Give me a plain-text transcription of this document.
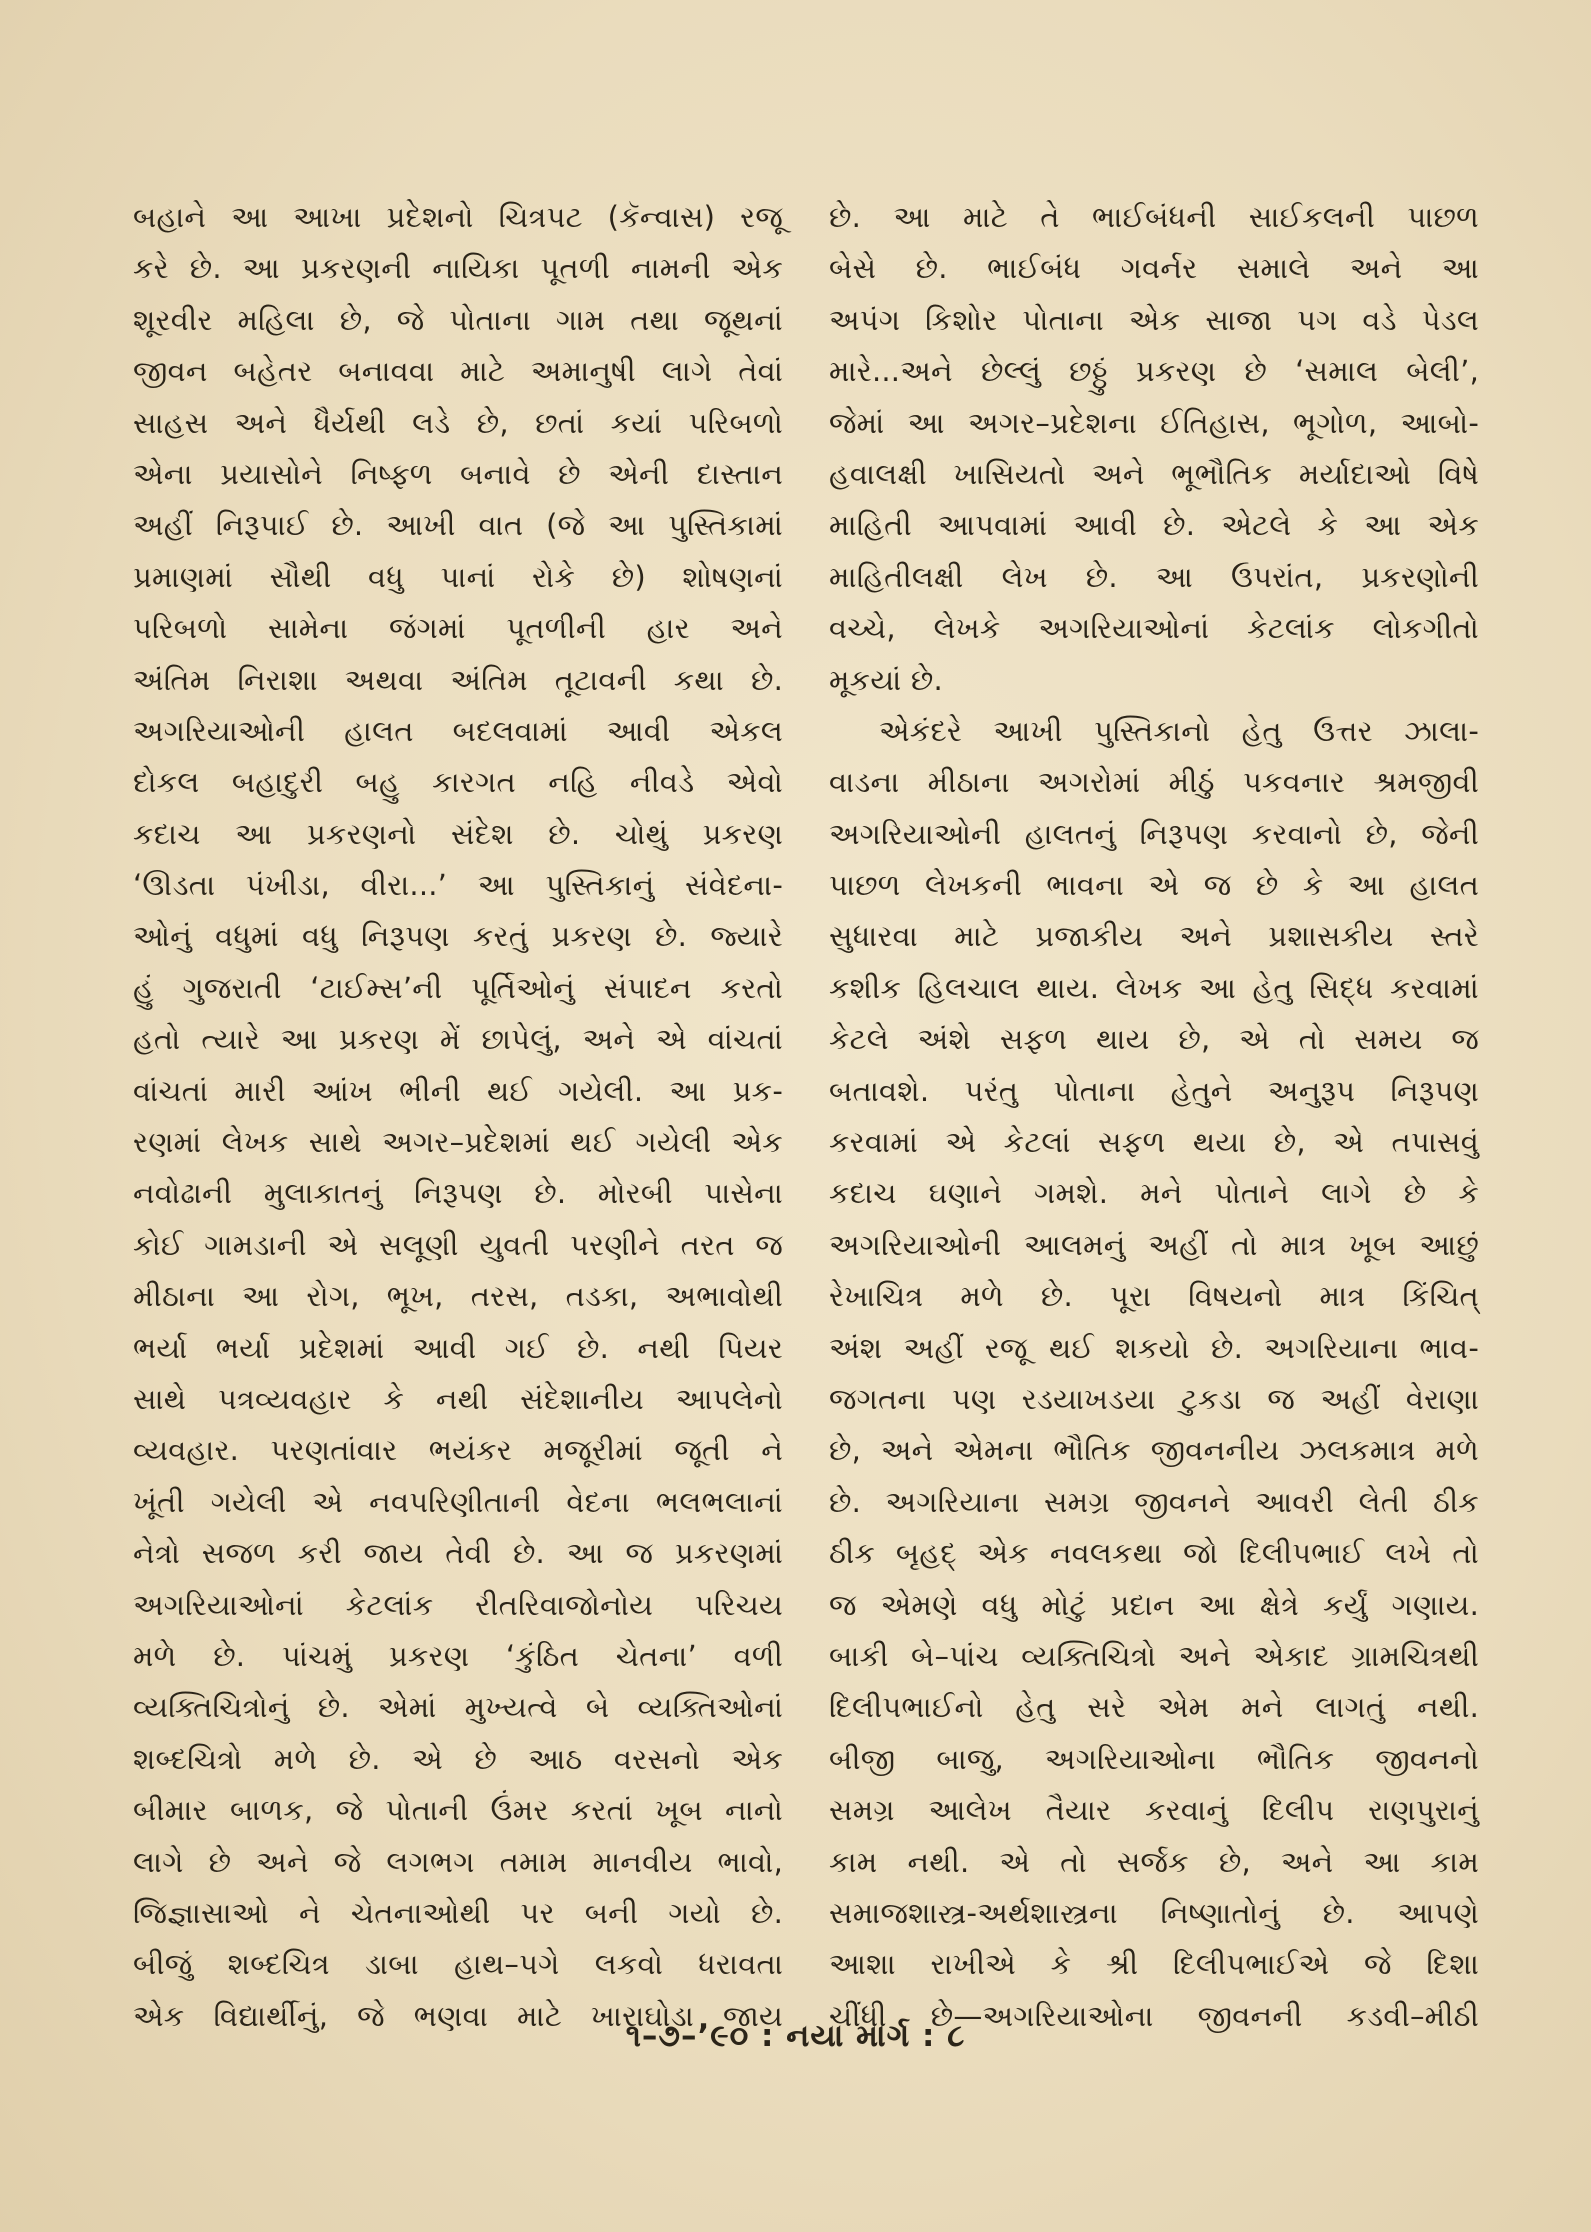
બહાને આ આખા પ્રદેશનો ચિત્રપટ (કૅન્વાસ) રજૂ
કરે છે. આ પ્રકરણની નાયિકા પૂતળી નામની એક
શૂરવીર મહિલા છે, જે પોતાના ગામ તથા જૂથનાં
જીવન બહેતર બનાવવા માટે અમાનુષી લાગે તેવાં
સાહસ અને ધૈર્યથી લડે છે, છતાં કયાં પરિબળો
એના પ્રયાસોને નિષ્ફળ બનાવે છે એની દાસ્તાન
અહીં નિરૂપાઈ છે. આખી વાત (જે આ પુસ્તિકામાં
પ્રમાણમાં સૌથી વધુ પાનાં રોકે છે) શોષણનાં
પરિબળો સામેના જંગમાં પૂતળીની હાર અને
અંતિમ નિરાશા અથવા અંતિમ તૂટાવની કથા છે.
અગરિયાઓની હાલત બદલવામાં આવી એકલ
દોકલ બહાદુરી બહુ કારગત નહિ નીવડે એવો
કદાચ આ પ્રકરણનો સંદેશ છે. ચોથું પ્રકરણ
‘ઊડતા પંખીડા, વીરા...’ આ પુસ્તિકાનું સંવેદના-
ઓનું વધુમાં વધુ નિરૂપણ કરતું પ્રકરણ છે. જ્યારે
હું ગુજરાતી ‘ટાઈમ્સ’ની પૂર્તિઓનું સંપાદન કરતો
હતો ત્યારે આ પ્રકરણ મેં છાપેલું, અને એ વાંચતાં
વાંચતાં મારી આંખ ભીની થઈ ગયેલી. આ પ્રક-
રણમાં લેખક સાથે અગર–પ્રદેશમાં થઈ ગયેલી એક
નવોઢાની મુલાકાતનું નિરૂપણ છે. મોરબી પાસેના
કોઈ ગામડાની એ સલૂણી યુવતી પરણીને તરત જ
મીઠાના આ રોગ, ભૂખ, તરસ, તડકા, અભાવોથી
ભર્યા ભર્યા પ્રદેશમાં આવી ગઈ છે. નથી પિયર
સાથે પત્રવ્યવહાર કે નથી સંદેશાનીય આપલેનો
વ્યવહાર. પરણતાંવાર ભયંકર મજૂરીમાં જૂતી ને
ખૂંતી ગયેલી એ નવપરિણીતાની વેદના ભલભલાનાં
નેત્રો સજળ કરી જાય તેવી છે. આ જ પ્રકરણમાં
અગરિયાઓનાં કેટલાંક રીતરિવાજોનોય પરિચય
મળે છે. પાંચમું પ્રકરણ ‘કુંઠિત ચેતના’ વળી
વ્યક્તિચિત્રોનું છે. એમાં મુખ્યત્વે બે વ્યક્તિઓનાં
શબ્દચિત્રો મળે છે. એ છે આઠ વરસનો એક
બીમાર બાળક, જે પોતાની ઉંમર કરતાં ખૂબ નાનો
લાગે છે અને જે લગભગ તમામ માનવીય ભાવો,
જિજ્ઞાસાઓ ને ચેતનાઓથી પર બની ગયો છે.
બીજું શબ્દચિત્ર ડાબા હાથ–પગે લકવો ધરાવતા
એક વિદ્યાર્થીનું, જે ભણવા માટે ખારાઘોડા જાય
છે. આ માટે તે ભાઈબંધની સાઈકલની પાછળ
બેસે છે. ભાઈબંધ ગવર્નર સમાલે અને આ
અપંગ કિશોર પોતાના એક સાજા પગ વડે પેડલ
મારે...અને છેલ્લું છઠ્ઠું પ્રકરણ છે ‘સમાલ બેલી’,
જેમાં આ અગર–પ્રદેશના ઈતિહાસ, ભૂગોળ, આબો-
હવાલક્ષી ખાસિયતો અને ભૂભૌતિક મર્યાદાઓ વિષે
માહિતી આપવામાં આવી છે. એટલે કે આ એક
માહિતીલક્ષી લેખ છે. આ ઉપરાંત, પ્રકરણોની
વચ્ચે, લેખકે અગરિયાઓનાં કેટલાંક લોકગીતો
મૂકયાં છે.
એકંદરે આખી પુસ્તિકાનો હેતુ ઉત્તર ઝાલા-
વાડના મીઠાના અગરોમાં મીઠું પકવનાર શ્રમજીવી
અગરિયાઓની હાલતનું નિરૂપણ કરવાનો છે, જેની
પાછળ લેખકની ભાવના એ જ છે કે આ હાલત
સુધારવા માટે પ્રજાકીય અને પ્રશાસકીય સ્તરે
કશીક હિલચાલ થાય. લેખક આ હેતુ સિદ્ધ કરવામાં
કેટલે અંશે સફળ થાય છે, એ તો સમય જ
બતાવશે. પરંતુ પોતાના હેતુને અનુરૂપ નિરૂપણ
કરવામાં એ કેટલાં સફળ થયા છે, એ તપાસવું
કદાચ ઘણાને ગમશે. મને પોતાને લાગે છે કે
અગરિયાઓની આલમનું અહીં તો માત્ર ખૂબ આછું
રેખાચિત્ર મળે છે. પૂરા વિષયનો માત્ર કિંચિત્
અંશ અહીં રજૂ થઈ શકયો છે. અગરિયાના ભાવ-
જગતના પણ રડયાખડયા ટુકડા જ અહીં વેરાણા
છે, અને એમના ભૌતિક જીવનનીય ઝલકમાત્ર મળે
છે. અગરિયાના સમગ્ર જીવનને આવરી લેતી ઠીક
ઠીક બૃહદ્ એક નવલકથા જો દિલીપભાઈ લખે તો
જ એમણે વધુ મોટું પ્રદાન આ ક્ષેત્રે કર્યું ગણાય.
બાકી બે–પાંચ વ્યક્તિચિત્રો અને એકાદ ગ્રામચિત્રથી
દિલીપભાઈનો હેતુ સરે એમ મને લાગતું નથી.
બીજી બાજુ, અગરિયાઓના ભૌતિક જીવનનો
સમગ્ર આલેખ તૈયાર કરવાનું દિલીપ રાણપુરાનું
કામ નથી. એ તો સર્જક છે, અને આ કામ
સમાજશાસ્ત્ર-અર્થશાસ્ત્રના નિષ્ણાતોનું છે. આપણે
આશા રાખીએ કે શ્રી દિલીપભાઈએ જે દિશા
ચીંધી છે—અગરિયાઓના જીવનની કડવી–મીઠી
૧–૭–’૯૦ : નયા માર્ગ : ૮
